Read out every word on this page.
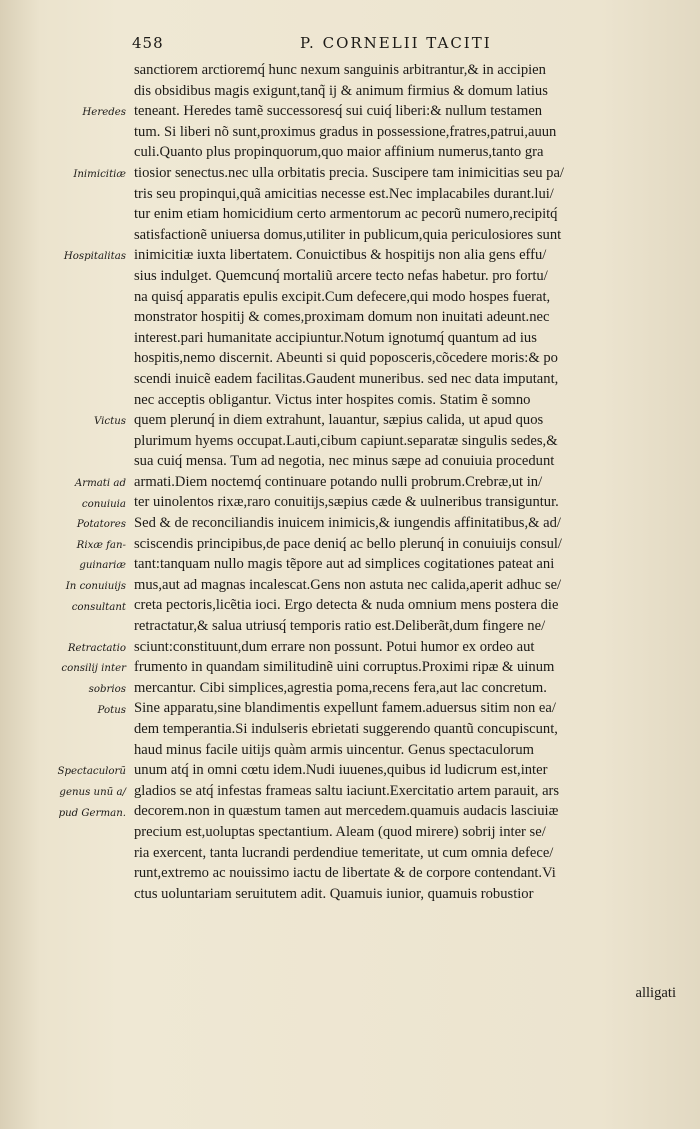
458	P. CORNELII TACITI
Heredes
Inimicitiæ
Hospitalitas
Victus
Armati ad
conuiuia
Potatores
Rixæ fan-
guinariæ
In conuiuijs
consultant
Retractatio
consilij inter
sobrios
Potus
Spectaculorũ
genus unũ a/
pud German.
sanctiorem arctioremq́ hunc nexum sanguinis arbitrantur,& in accipien
dis obsidibus magis exigunt,tanq̃ ij & animum firmius & domum latius
teneant. Heredes tamẽ successoresq́ sui cuiq́ liberi:& nullum testamen
tum. Si liberi nõ sunt,proximus gradus in possessione,fratres,patrui,auun
culi.Quanto plus propinquorum,quo maior affinium numerus,tanto gra
tiosior senectus.nec ulla orbitatis precia. Suscipere tam inimicitias seu pa/
tris seu propinqui,quã amicitias necesse est.Nec implacabiles durant.lui/
tur enim etiam homicidium certo armentorum ac pecorũ numero,recipitq́
satisfactionẽ uniuersa domus,utiliter in publicum,quia periculosiores sunt
inimicitiæ iuxta libertatem. Conuictibus & hospitijs non alia gens effu/
sius indulget. Quemcunq́ mortaliũ arcere tecto nefas habetur. pro fortu/
na quisq́ apparatis epulis excipit.Cum defecere,qui modo hospes fuerat,
monstrator hospitij & comes,proximam domum non inuitati adeunt.nec
interest.pari humanitate accipiuntur.Notum ignotumq́ quantum ad ius
hospitis,nemo discernit. Abeunti si quid poposceris,cõcedere moris:& po
scendi inuicẽ eadem facilitas.Gaudent muneribus. sed nec data imputant,
nec acceptis obligantur. Victus inter hospites comis. Statim ẽ somno
quem plerunq́ in diem extrahunt, lauantur, sæpius calida, ut apud quos
plurimum hyems occupat.Lauti,cibum capiunt.separatæ singulis sedes,&
sua cuiq́ mensa. Tum ad negotia, nec minus sæpe ad conuiuia procedunt
armati.Diem noctemq́ continuare potando nulli probrum.Crebræ,ut in/
ter uinolentos rixæ,raro conuitijs,sæpius cæde & uulneribus transiguntur.
Sed & de reconciliandis inuicem inimicis,& iungendis affinitatibus,& ad/
sciscendis principibus,de pace deniq́ ac bello plerunq́ in conuiuijs consul/
tant:tanquam nullo magis tẽpore aut ad simplices cogitationes pateat ani
mus,aut ad magnas incalescat.Gens non astuta nec calida,aperit adhuc se/
creta pectoris,licẽtia ioci. Ergo detecta & nuda omnium mens postera die
retractatur,& salua utriusq́ temporis ratio est.Deliberãt,dum fingere ne/
sciunt:constituunt,dum errare non possunt. Potui humor ex ordeo aut
frumento in quandam similitudinẽ uini corruptus.Proximi ripæ & uinum
mercantur. Cibi simplices,agrestia poma,recens fera,aut lac concretum.
Sine apparatu,sine blandimentis expellunt famem.aduersus sitim non ea/
dem temperantia.Si indulseris ebrietati suggerendo quantũ concupiscunt,
haud minus facile uitijs quàm armis uincentur. Genus spectaculorum
unum atq́ in omni cœtu idem.Nudi iuuenes,quibus id ludicrum est,inter
gladios se atq́ infestas frameas saltu iaciunt.Exercitatio artem parauit, ars
decorem.non in quæstum tamen aut mercedem.quamuis audacis lasciuiæ
precium est,uoluptas spectantium. Aleam (quod mirere) sobrij inter se/
ria exercent, tanta lucrandi perdendiue temeritate, ut cum omnia defece/
runt,extremo ac nouissimo iactu de libertate & de corpore contendant.Vi
ctus uoluntariam seruitutem adit. Quamuis iunior, quamuis robustior
alligati
